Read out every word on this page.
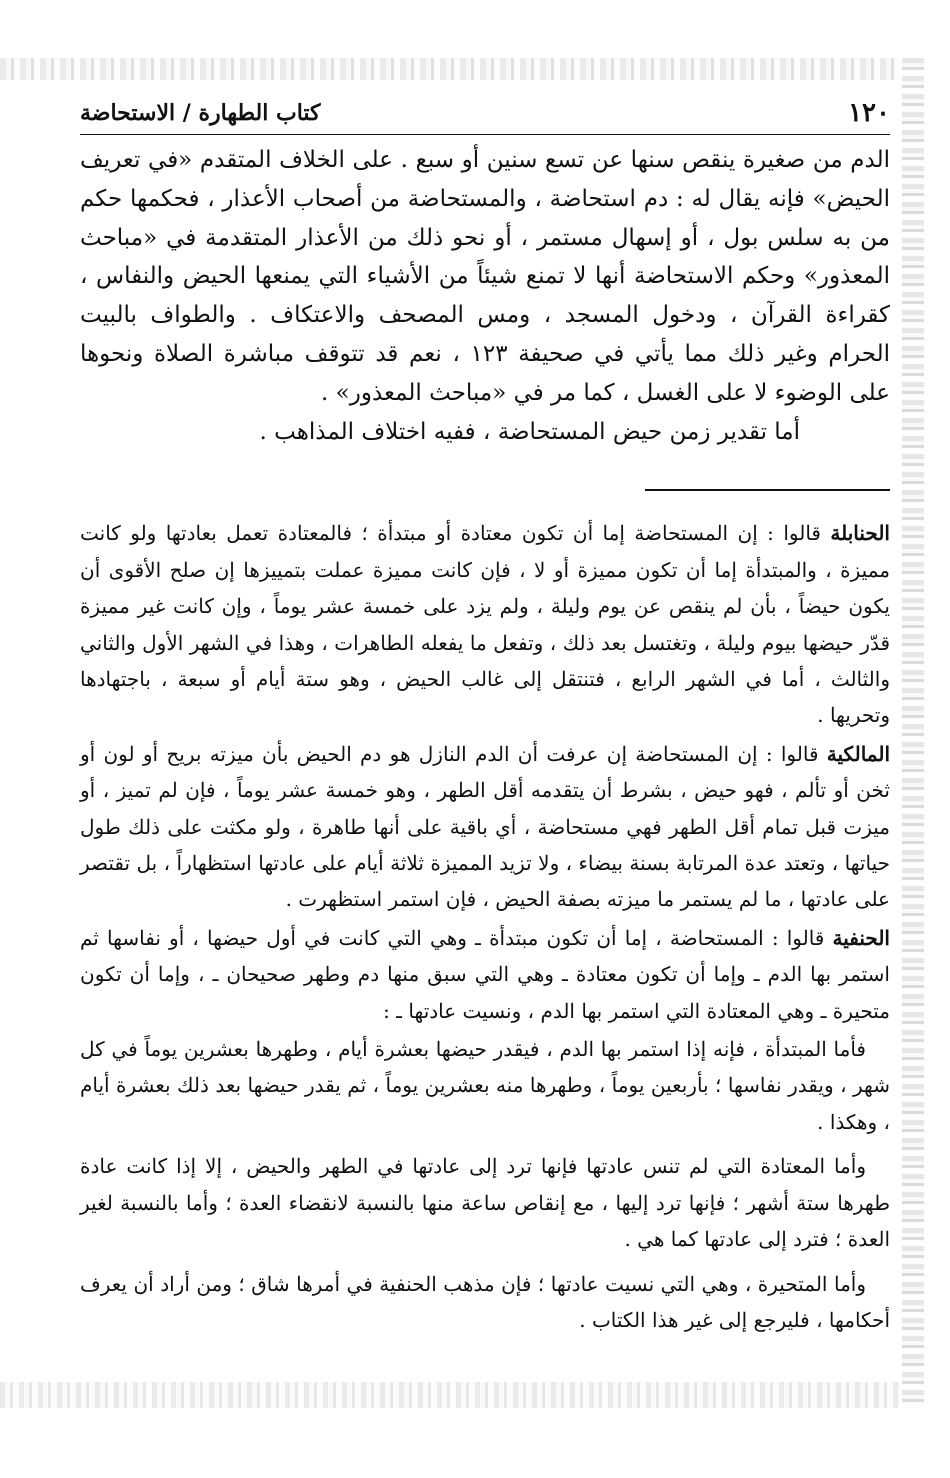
١٢٠
كتاب الطهارة / الاستحاضة

الدم من صغيرة ينقص سنها عن تسع سنين أو سبع . على الخلاف المتقدم «في تعريف الحيض» فإنه يقال له : دم استحاضة ، والمستحاضة من أصحاب الأعذار ، فحكمها حكم من به سلس بول ، أو إسهال مستمر ، أو نحو ذلك من الأعذار المتقدمة في «مباحث المعذور» وحكم الاستحاضة أنها لا تمنع شيئاً من الأشياء التي يمنعها الحيض والنفاس ، كقراءة القرآن ، ودخول المسجد ، ومس المصحف والاعتكاف . والطواف بالبيت الحرام وغير ذلك مما يأتي في صحيفة ١٢٣ ، نعم قد تتوقف مباشرة الصلاة ونحوها على الوضوء لا على الغسل ، كما مر في «مباحث المعذور» .

أما تقدير زمن حيض المستحاضة ، ففيه اختلاف المذاهب .

الحنابلة قالوا : إن المستحاضة إما أن تكون معتادة أو مبتدأة ؛ فالمعتادة تعمل بعادتها ولو كانت مميزة ، والمبتدأة إما أن تكون مميزة أو لا ، فإن كانت مميزة عملت بتمييزها إن صلح الأقوى أن يكون حيضاً ، بأن لم ينقص عن يوم وليلة ، ولم يزد على خمسة عشر يوماً ، وإن كانت غير مميزة قدّر حيضها بيوم وليلة ، وتغتسل بعد ذلك ، وتفعل ما يفعله الطاهرات ، وهذا في الشهر الأول والثاني والثالث ، أما في الشهر الرابع ، فتنتقل إلى غالب الحيض ، وهو ستة أيام أو سبعة ، باجتهادها وتحريها .

المالكية قالوا : إن المستحاضة إن عرفت أن الدم النازل هو دم الحيض بأن ميزته بريح أو لون أو ثخن أو تألم ، فهو حيض ، بشرط أن يتقدمه أقل الطهر ، وهو خمسة عشر يوماً ، فإن لم تميز ، أو ميزت قبل تمام أقل الطهر فهي مستحاضة ، أي باقية على أنها طاهرة ، ولو مكثت على ذلك طول حياتها ، وتعتد عدة المرتابة بسنة بيضاء ، ولا تزيد المميزة ثلاثة أيام على عادتها استظهاراً ، بل تقتصر على عادتها ، ما لم يستمر ما ميزته بصفة الحيض ، فإن استمر استظهرت .

الحنفية قالوا : المستحاضة ، إما أن تكون مبتدأة ـ وهي التي كانت في أول حيضها ، أو نفاسها ثم استمر بها الدم ـ وإما أن تكون معتادة ـ وهي التي سبق منها دم وطهر صحيحان ـ ، وإما أن تكون متحيرة ـ وهي المعتادة التي استمر بها الدم ، ونسيت عادتها ـ :

فأما المبتدأة ، فإنه إذا استمر بها الدم ، فيقدر حيضها بعشرة أيام ، وطهرها بعشرين يوماً في كل شهر ، ويقدر نفاسها ؛ بأربعين يوماً ، وطهرها منه بعشرين يوماً ، ثم يقدر حيضها بعد ذلك بعشرة أيام ، وهكذا .

وأما المعتادة التي لم تنس عادتها فإنها ترد إلى عادتها في الطهر والحيض ، إلا إذا كانت عادة طهرها ستة أشهر ؛ فإنها ترد إليها ، مع إنقاص ساعة منها بالنسبة لانقضاء العدة ؛ وأما بالنسبة لغير العدة ؛ فترد إلى عادتها كما هي .

وأما المتحيرة ، وهي التي نسيت عادتها ؛ فإن مذهب الحنفية في أمرها شاق ؛ ومن أراد أن يعرف أحكامها ، فليرجع إلى غير هذا الكتاب .
